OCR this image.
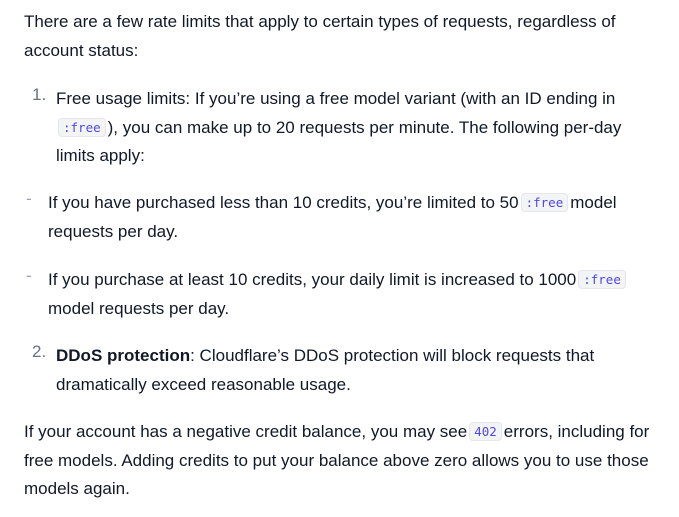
There are a few rate limits that apply to certain types of requests, regardless of account status:

1. Free usage limits: If you’re using a free model variant (with an ID ending in
:free ), you can make up to 20 requests per minute. The following per-day
limits apply:
- If you have purchased less than 10 credits, you’re limited to 50 :free model
requests per day.
- If you purchase at least 10 credits, your daily limit is increased to 1000 :free
model requests per day.
2. DDoS protection: Cloudflare’s DDoS protection will block requests that
dramatically exceed reasonable usage.
If your account has a negative credit balance, you may see 402 errors, including for
free models. Adding credits to put your balance above zero allows you to use those
models again.
